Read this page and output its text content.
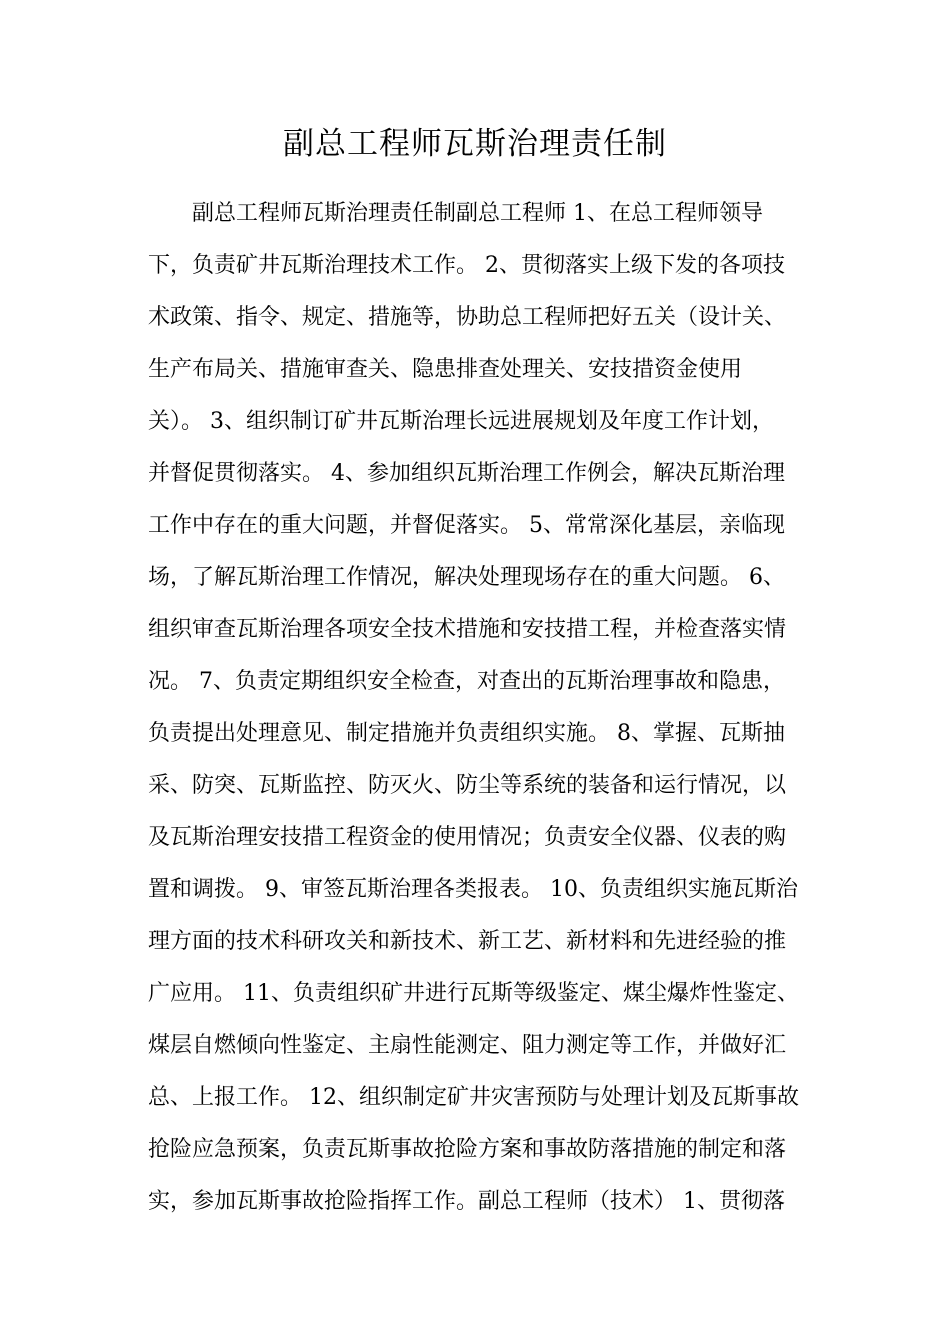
副总工程师瓦斯治理责任制
副总工程师瓦斯治理责任制副总工程师 1、在总工程师领导
下，负责矿井瓦斯治理技术工作。 2、贯彻落实上级下发的各项技
术政策、指令、规定、措施等，协助总工程师把好五关（设计关、
生产布局关、措施审查关、隐患排查处理关、安技措资金使用
关）。 3、组织制订矿井瓦斯治理长远进展规划及年度工作计划，
并督促贯彻落实。 4、参加组织瓦斯治理工作例会，解决瓦斯治理
工作中存在的重大问题，并督促落实。 5、常常深化基层，亲临现
场，了解瓦斯治理工作情况，解决处理现场存在的重大问题。 6、
组织审查瓦斯治理各项安全技术措施和安技措工程，并检查落实情
况。 7、负责定期组织安全检查，对查出的瓦斯治理事故和隐患，
负责提出处理意见、制定措施并负责组织实施。 8、掌握、瓦斯抽
采、防突、瓦斯监控、防灭火、防尘等系统的装备和运行情况，以
及瓦斯治理安技措工程资金的使用情况；负责安全仪器、仪表的购
置和调拨。 9、审签瓦斯治理各类报表。 10、负责组织实施瓦斯治
理方面的技术科研攻关和新技术、新工艺、新材料和先进经验的推
广应用。 11、负责组织矿井进行瓦斯等级鉴定、煤尘爆炸性鉴定、
煤层自燃倾向性鉴定、主扇性能测定、阻力测定等工作，并做好汇
总、上报工作。 12、组织制定矿井灾害预防与处理计划及瓦斯事故
抢险应急预案，负责瓦斯事故抢险方案和事故防落措施的制定和落
实，参加瓦斯事故抢险指挥工作。副总工程师（技术） 1、贯彻落
